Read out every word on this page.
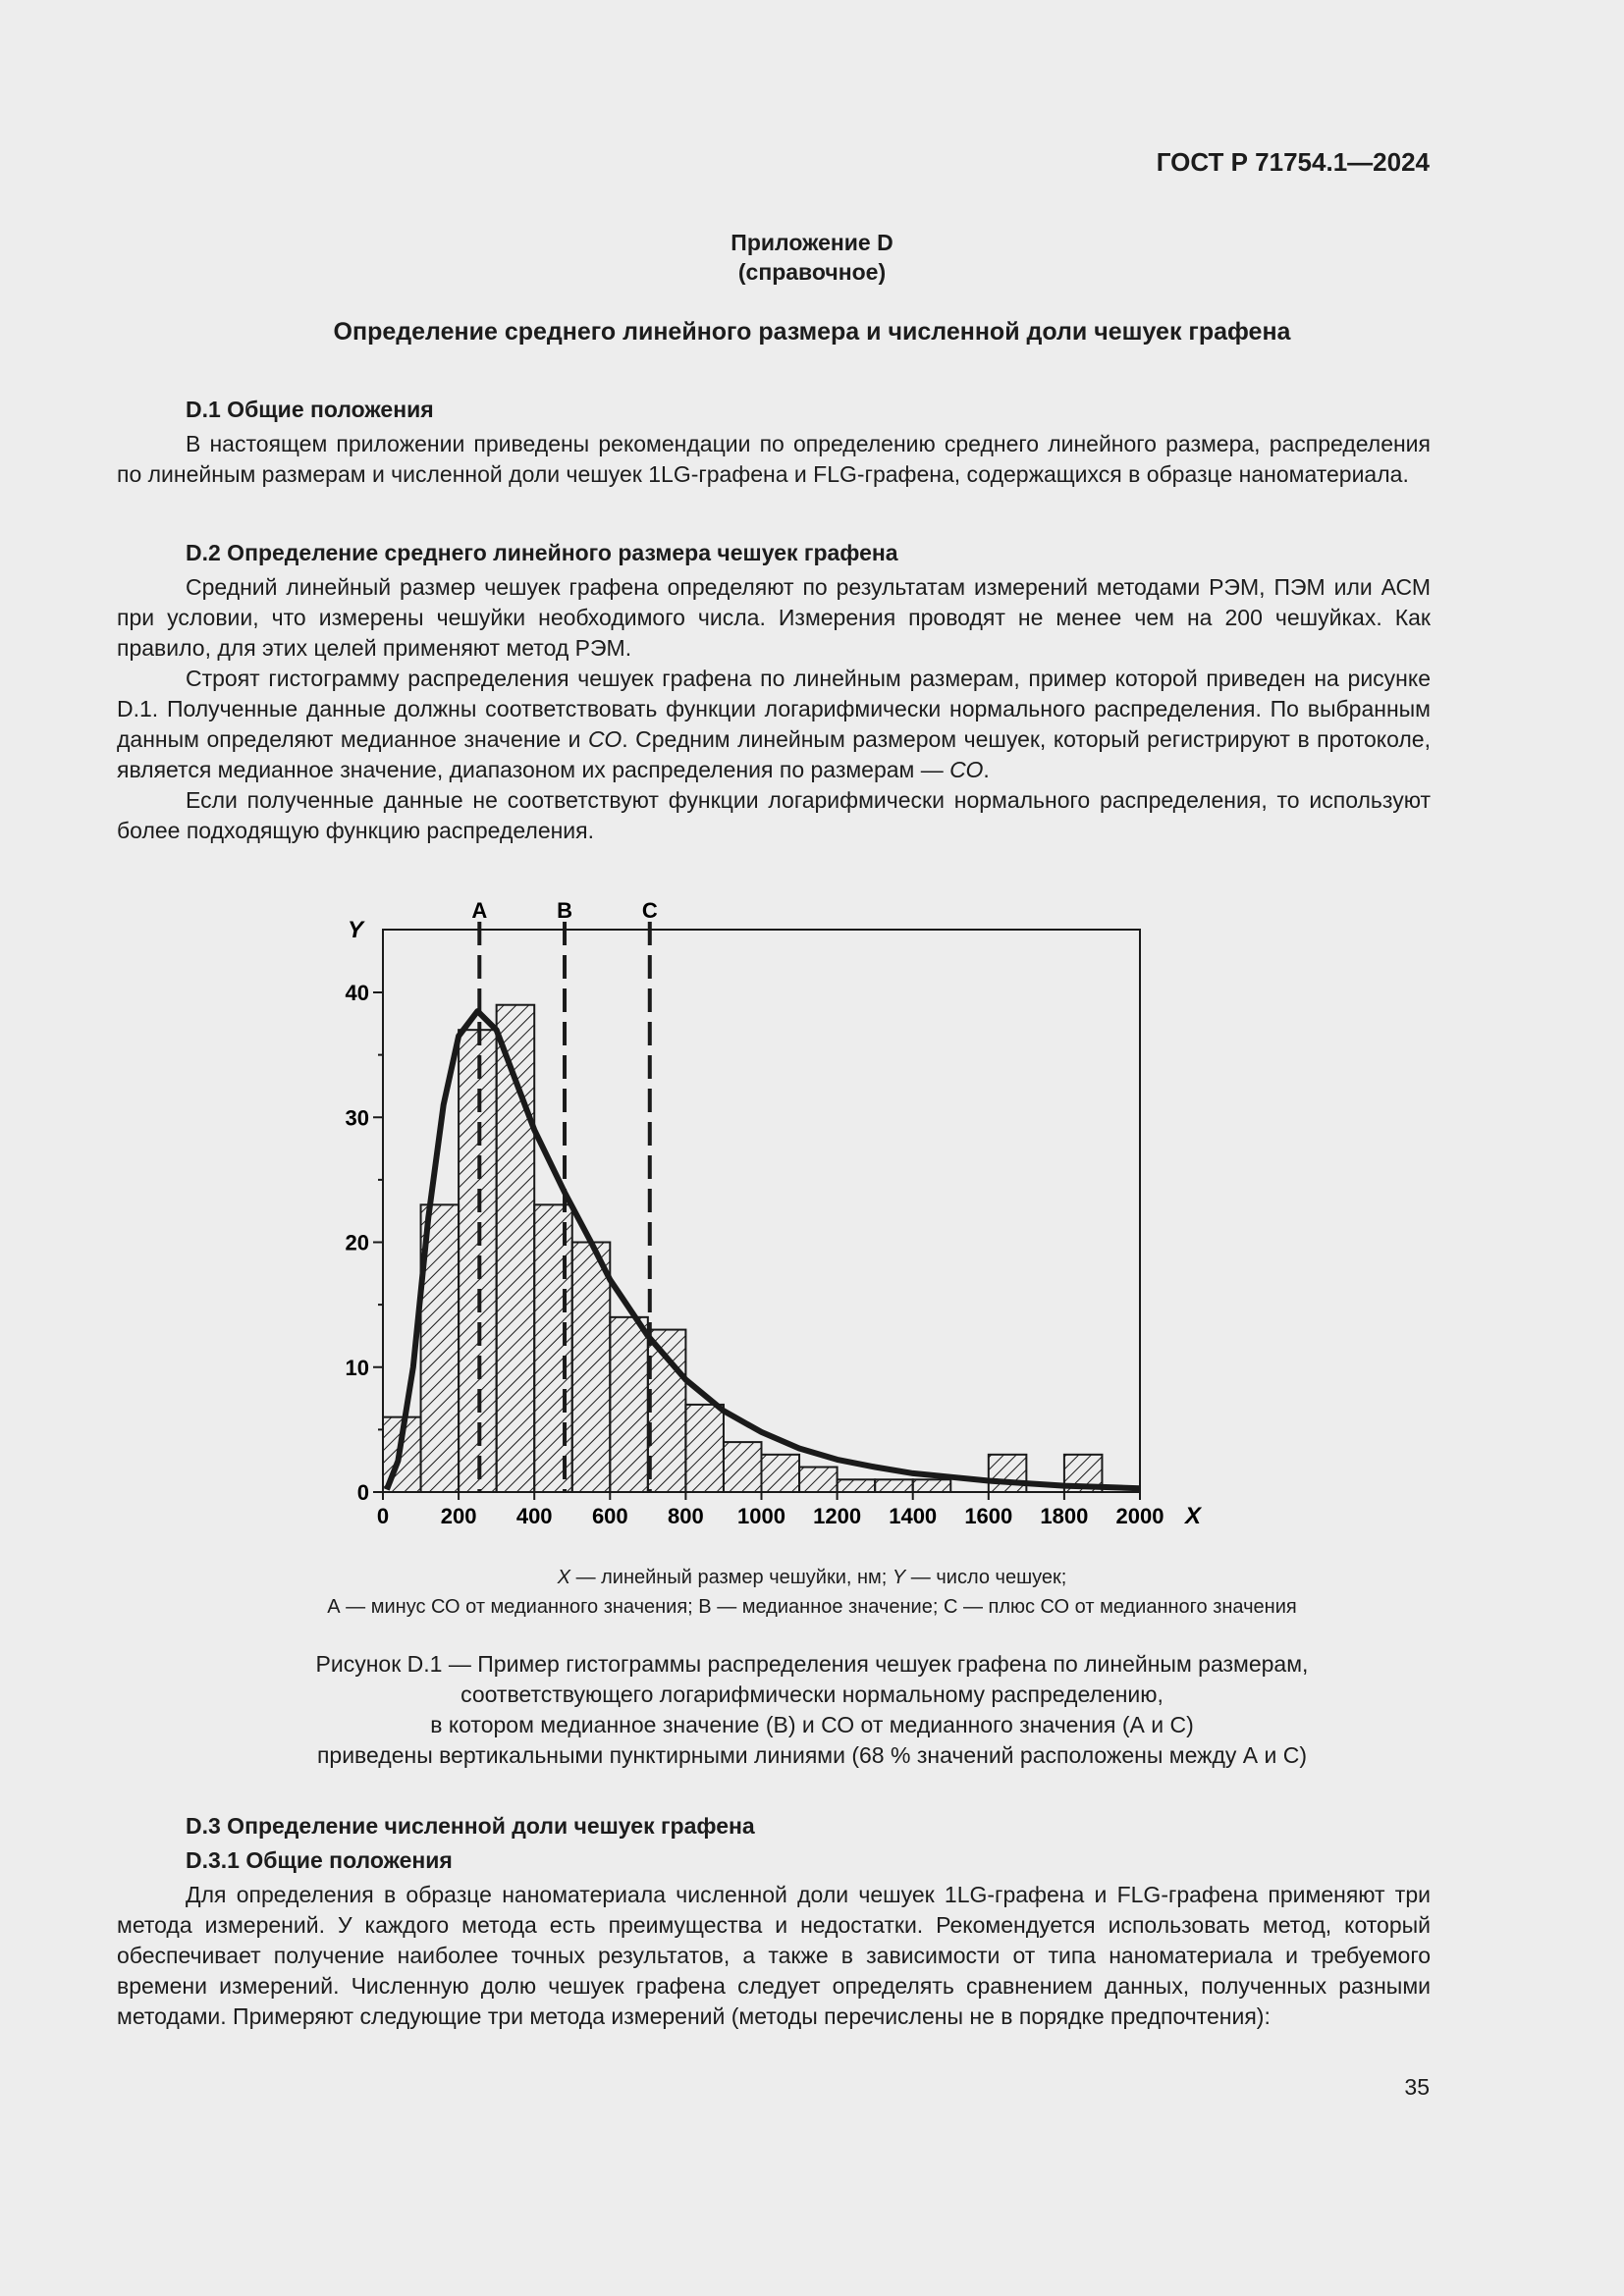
ГОСТ Р 71754.1—2024
Приложение D
(справочное)
Определение среднего линейного размера и численной доли чешуек графена
D.1 Общие положения
В настоящем приложении приведены рекомендации по определению среднего линейного размера, распределения по линейным размерам и численной доли чешуек 1LG-графена и FLG-графена, содержащихся в образце наноматериала.
D.2 Определение среднего линейного размера чешуек графена
Средний линейный размер чешуек графена определяют по результатам измерений методами РЭМ, ПЭМ или АСМ при условии, что измерены чешуйки необходимого числа. Измерения проводят не менее чем на 200 чешуйках. Как правило, для этих целей применяют метод РЭМ.
Строят гистограмму распределения чешуек графена по линейным размерам, пример которой приведен на рисунке D.1. Полученные данные должны соответствовать функции логарифмически нормального распределения. По выбранным данным определяют медианное значение и СО. Средним линейным размером чешуек, который регистрируют в протоколе, является медианное значение, диапазоном их распределения по размерам — СО.
Если полученные данные не соответствуют функции логарифмически нормального распределения, то используют более подходящую функцию распределения.
0 200 400 600 800 1000 1200 1400 1600 1800 2000
0
10
20
30
40
A	B	C
Y
X
X — линейный размер чешуйки, нм; Y — число чешуек;
А — минус СО от медианного значения; В — медианное значение; С — плюс СО от медианного значения
Рисунок D.1 — Пример гистограммы распределения чешуек графена по линейным размерам,
соответствующего логарифмически нормальному распределению,
в котором медианное значение (В) и СО от медианного значения (А и С)
приведены вертикальными пунктирными линиями (68 % значений расположены между А и С)
D.3 Определение численной доли чешуек графена
D.3.1 Общие положения
Для определения в образце наноматериала численной доли чешуек 1LG-графена и FLG-графена применяют три метода измерений. У каждого метода есть преимущества и недостатки. Рекомендуется использовать метод, который обеспечивает получение наиболее точных результатов, а также в зависимости от типа наноматериала и требуемого времени измерений. Численную долю чешуек графена следует определять сравнением данных, полученных разными методами. Примеряют следующие три метода измерений (методы перечислены не в порядке предпочтения):
35
